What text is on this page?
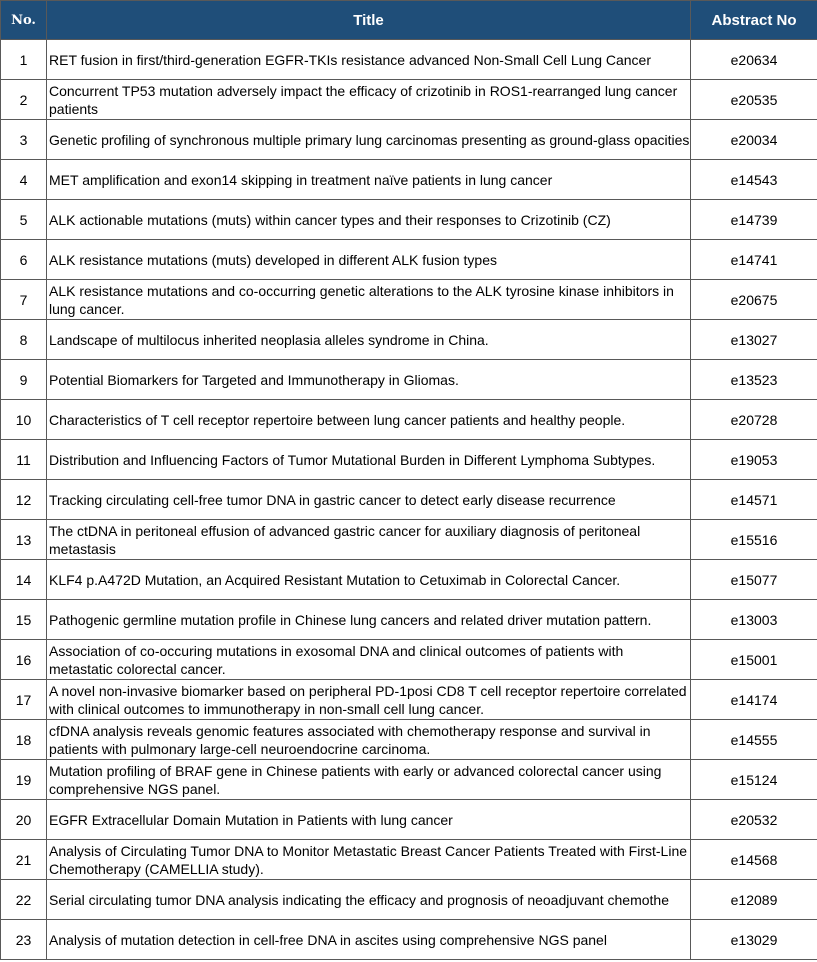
No.	Title	Abstract No
1	RET fusion in first/third-generation EGFR-TKIs resistance advanced Non-Small Cell Lung Cancer	e20634
2	Concurrent TP53 mutation adversely impact the efficacy of crizotinib in ROS1-rearranged lung cancer patients	e20535
3	Genetic profiling of synchronous multiple primary lung carcinomas presenting as ground-glass opacities	e20034
4	MET amplification and exon14 skipping in treatment naïve patients in lung cancer	e14543
5	ALK actionable mutations (muts) within cancer types and their responses to Crizotinib (CZ)	e14739
6	ALK resistance mutations (muts) developed in different ALK fusion types	e14741
7	ALK resistance mutations and co-occurring genetic alterations to the ALK tyrosine kinase inhibitors in lung cancer.	e20675
8	Landscape of multilocus inherited neoplasia alleles syndrome in China.	e13027
9	Potential Biomarkers for Targeted and Immunotherapy in Gliomas.	e13523
10	Characteristics of T cell receptor repertoire between lung cancer patients and healthy people.	e20728
11	Distribution and Influencing Factors of Tumor Mutational Burden in Different Lymphoma Subtypes.	e19053
12	Tracking circulating cell-free tumor DNA in gastric cancer to detect early disease recurrence	e14571
13	The ctDNA in peritoneal effusion of advanced gastric cancer for auxiliary diagnosis of peritoneal metastasis	e15516
14	KLF4 p.A472D Mutation, an Acquired Resistant Mutation to Cetuximab in Colorectal Cancer.	e15077
15	Pathogenic germline mutation profile in Chinese lung cancers and related driver mutation pattern.	e13003
16	Association of co-occuring mutations in exosomal DNA and clinical outcomes of patients with metastatic colorectal cancer.	e15001
17	A novel non-invasive biomarker based on peripheral PD-1posi CD8 T cell receptor repertoire correlated with clinical outcomes to immunotherapy in non-small cell lung cancer.	e14174
18	cfDNA analysis reveals genomic features associated with chemotherapy response and survival in patients with pulmonary large-cell neuroendocrine carcinoma.	e14555
19	Mutation profiling of BRAF gene in Chinese patients with early or advanced colorectal cancer using comprehensive NGS panel.	e15124
20	EGFR Extracellular Domain Mutation in Patients with lung cancer	e20532
21	Analysis of Circulating Tumor DNA to Monitor Metastatic Breast Cancer Patients Treated with First-Line Chemotherapy (CAMELLIA study).	e14568
22	Serial circulating tumor DNA analysis indicating the efficacy and prognosis of neoadjuvant chemothe	e12089
23	Analysis of mutation detection in cell-free DNA in ascites using comprehensive NGS panel	e13029
